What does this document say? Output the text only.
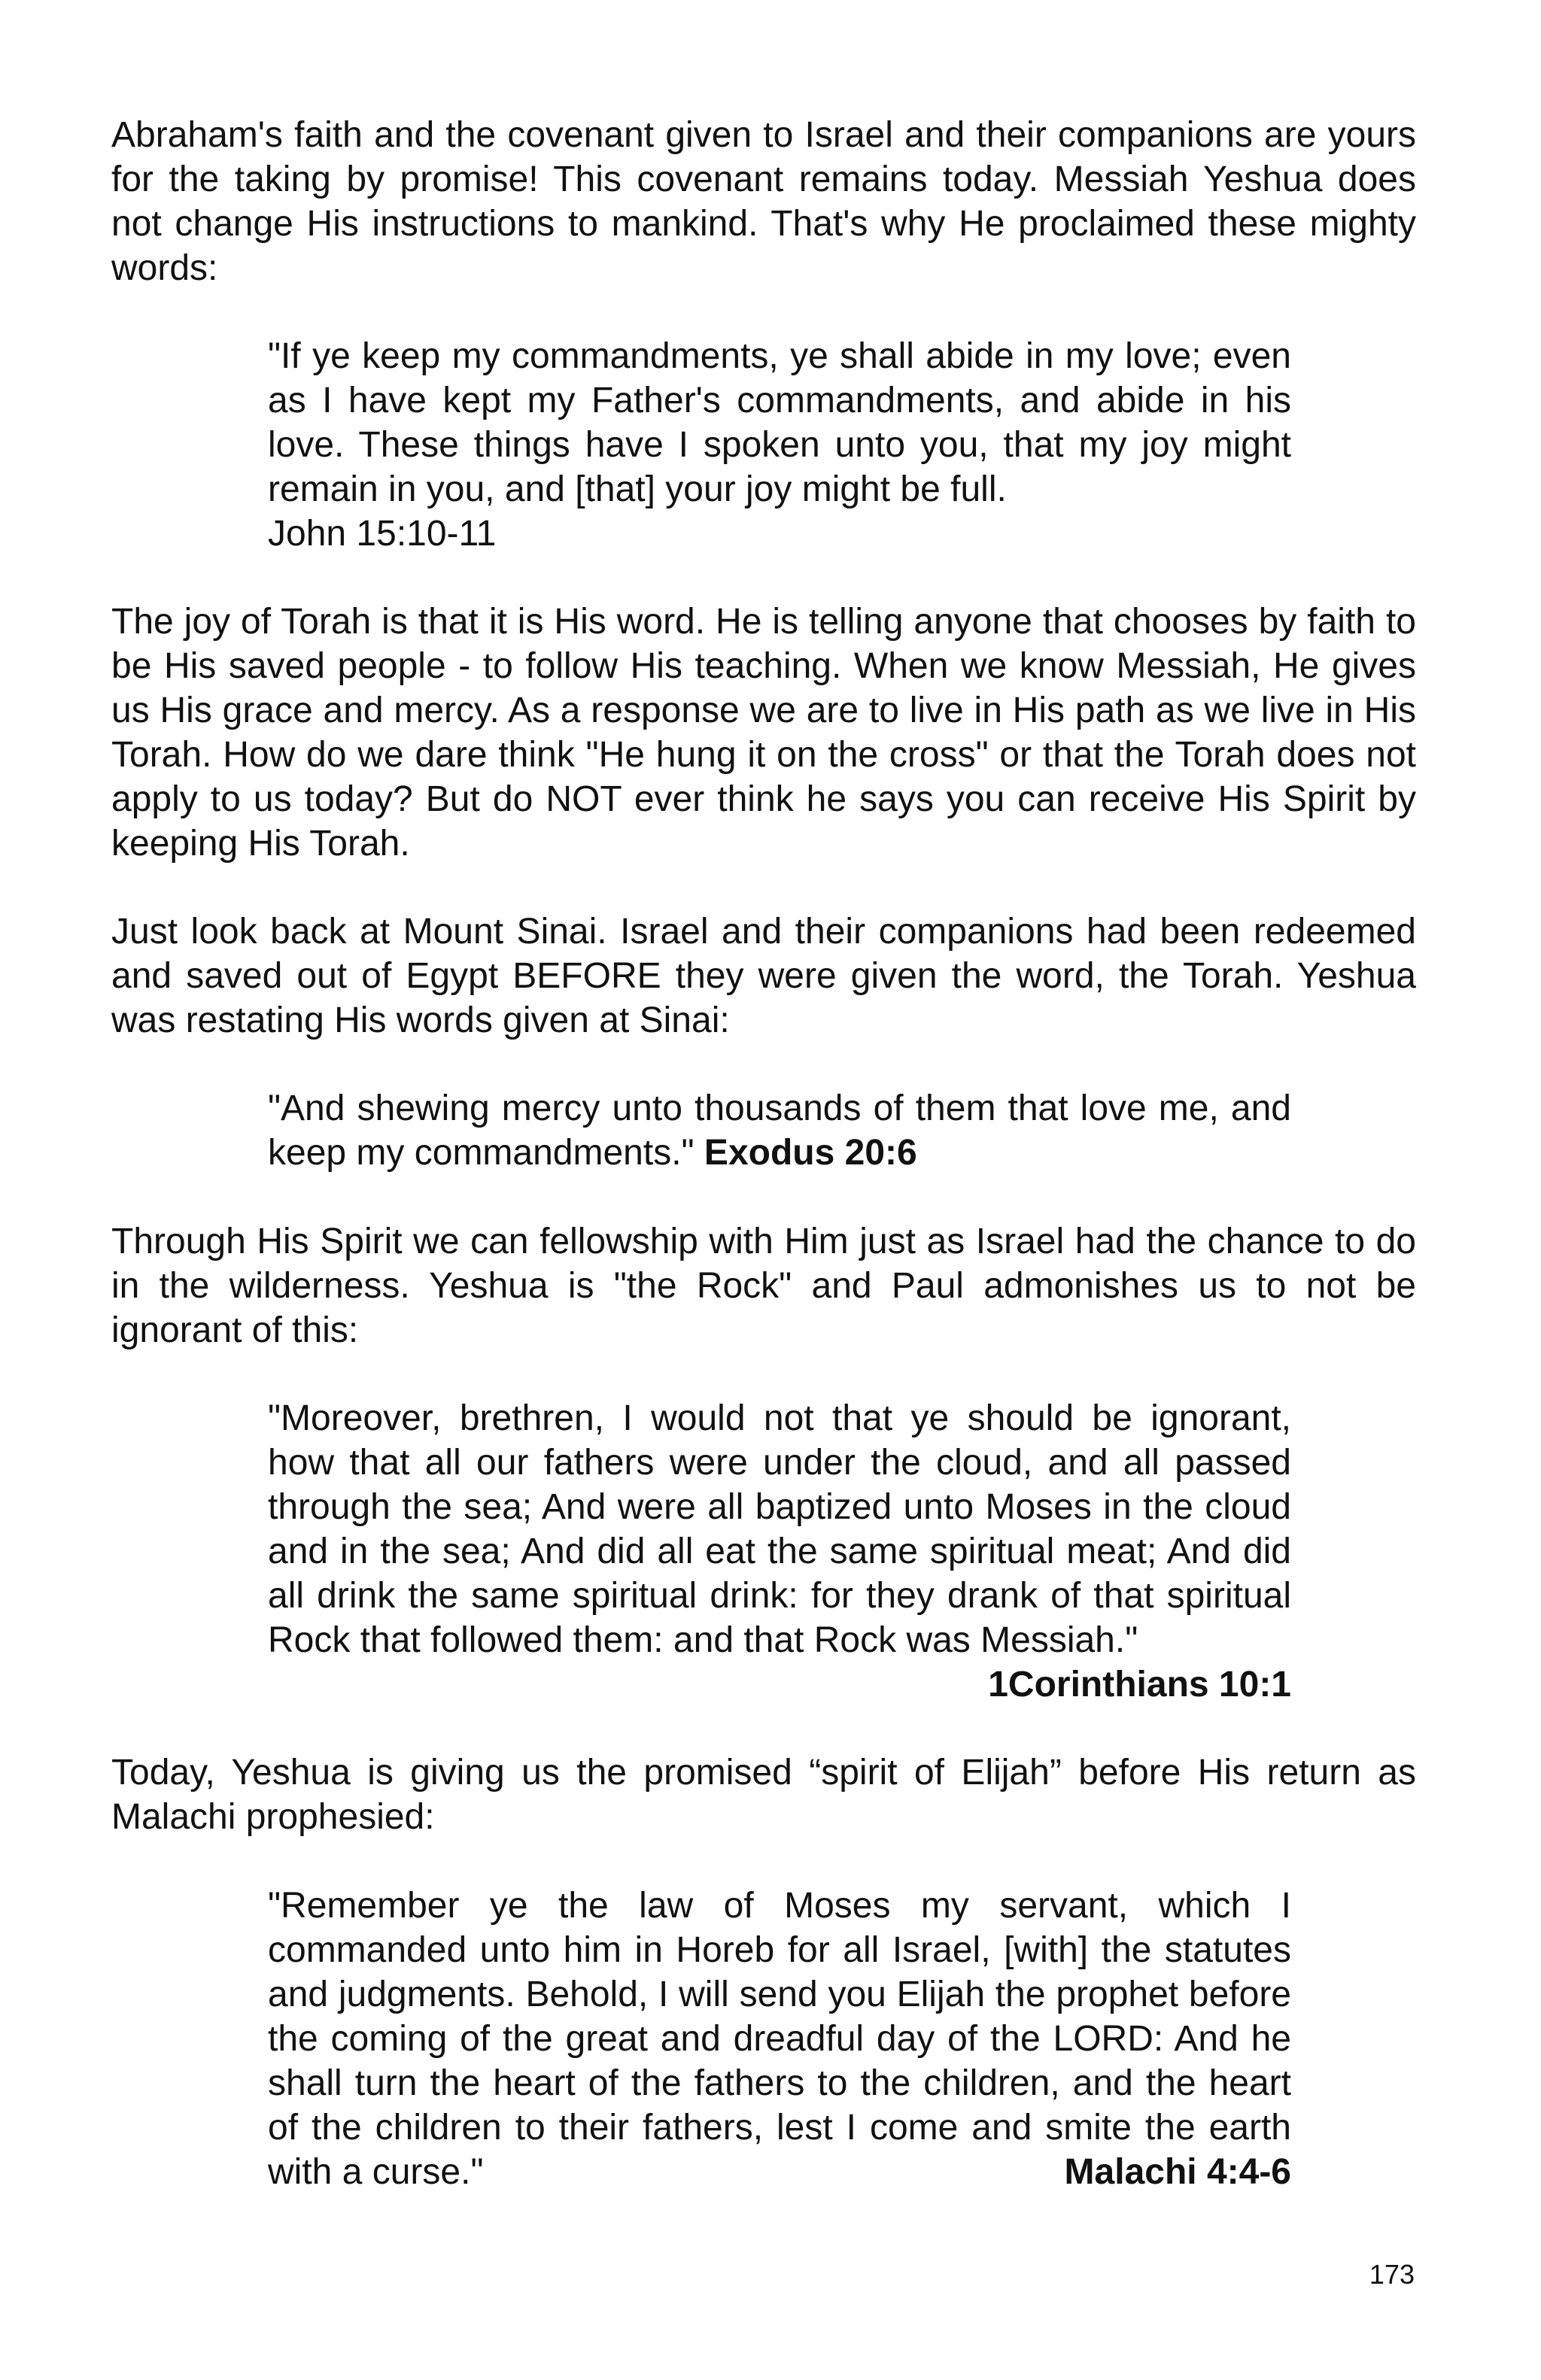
Abraham's faith and the covenant given to Israel and their companions are yours for the taking by promise! This covenant remains today. Messiah Yeshua does not change His instructions to mankind. That's why He proclaimed these mighty words:

"If ye keep my commandments, ye shall abide in my love; even as I have kept my Father's commandments, and abide in his love. These things have I spoken unto you, that my joy might remain in you, and [that] your joy might be full.
John 15:10-11

The joy of Torah is that it is His word. He is telling anyone that chooses by faith to be His saved people - to follow His teaching. When we know Messiah, He gives us His grace and mercy. As a response we are to live in His path as we live in His Torah. How do we dare think "He hung it on the cross" or that the Torah does not apply to us today? But do NOT ever think he says you can receive His Spirit by keeping His Torah.

Just look back at Mount Sinai. Israel and their companions had been redeemed and saved out of Egypt BEFORE they were given the word, the Torah. Yeshua was restating His words given at Sinai:

"And shewing mercy unto thousands of them that love me, and keep my commandments." Exodus 20:6

Through His Spirit we can fellowship with Him just as Israel had the chance to do in the wilderness. Yeshua is "the Rock" and Paul admonishes us to not be ignorant of this:

"Moreover, brethren, I would not that ye should be ignorant, how that all our fathers were under the cloud, and all passed through the sea; And were all baptized unto Moses in the cloud and in the sea; And did all eat the same spiritual meat; And did all drink the same spiritual drink: for they drank of that spiritual Rock that followed them: and that Rock was Messiah."
1Corinthians 10:1

Today, Yeshua is giving us the promised “spirit of Elijah” before His return as Malachi prophesied:

"Remember ye the law of Moses my servant, which I commanded unto him in Horeb for all Israel, [with] the statutes and judgments. Behold, I will send you Elijah the prophet before the coming of the great and dreadful day of the LORD: And he shall turn the heart of the fathers to the children, and the heart of the children to their fathers, lest I come and smite the earth with a curse."	Malachi 4:4-6

173
